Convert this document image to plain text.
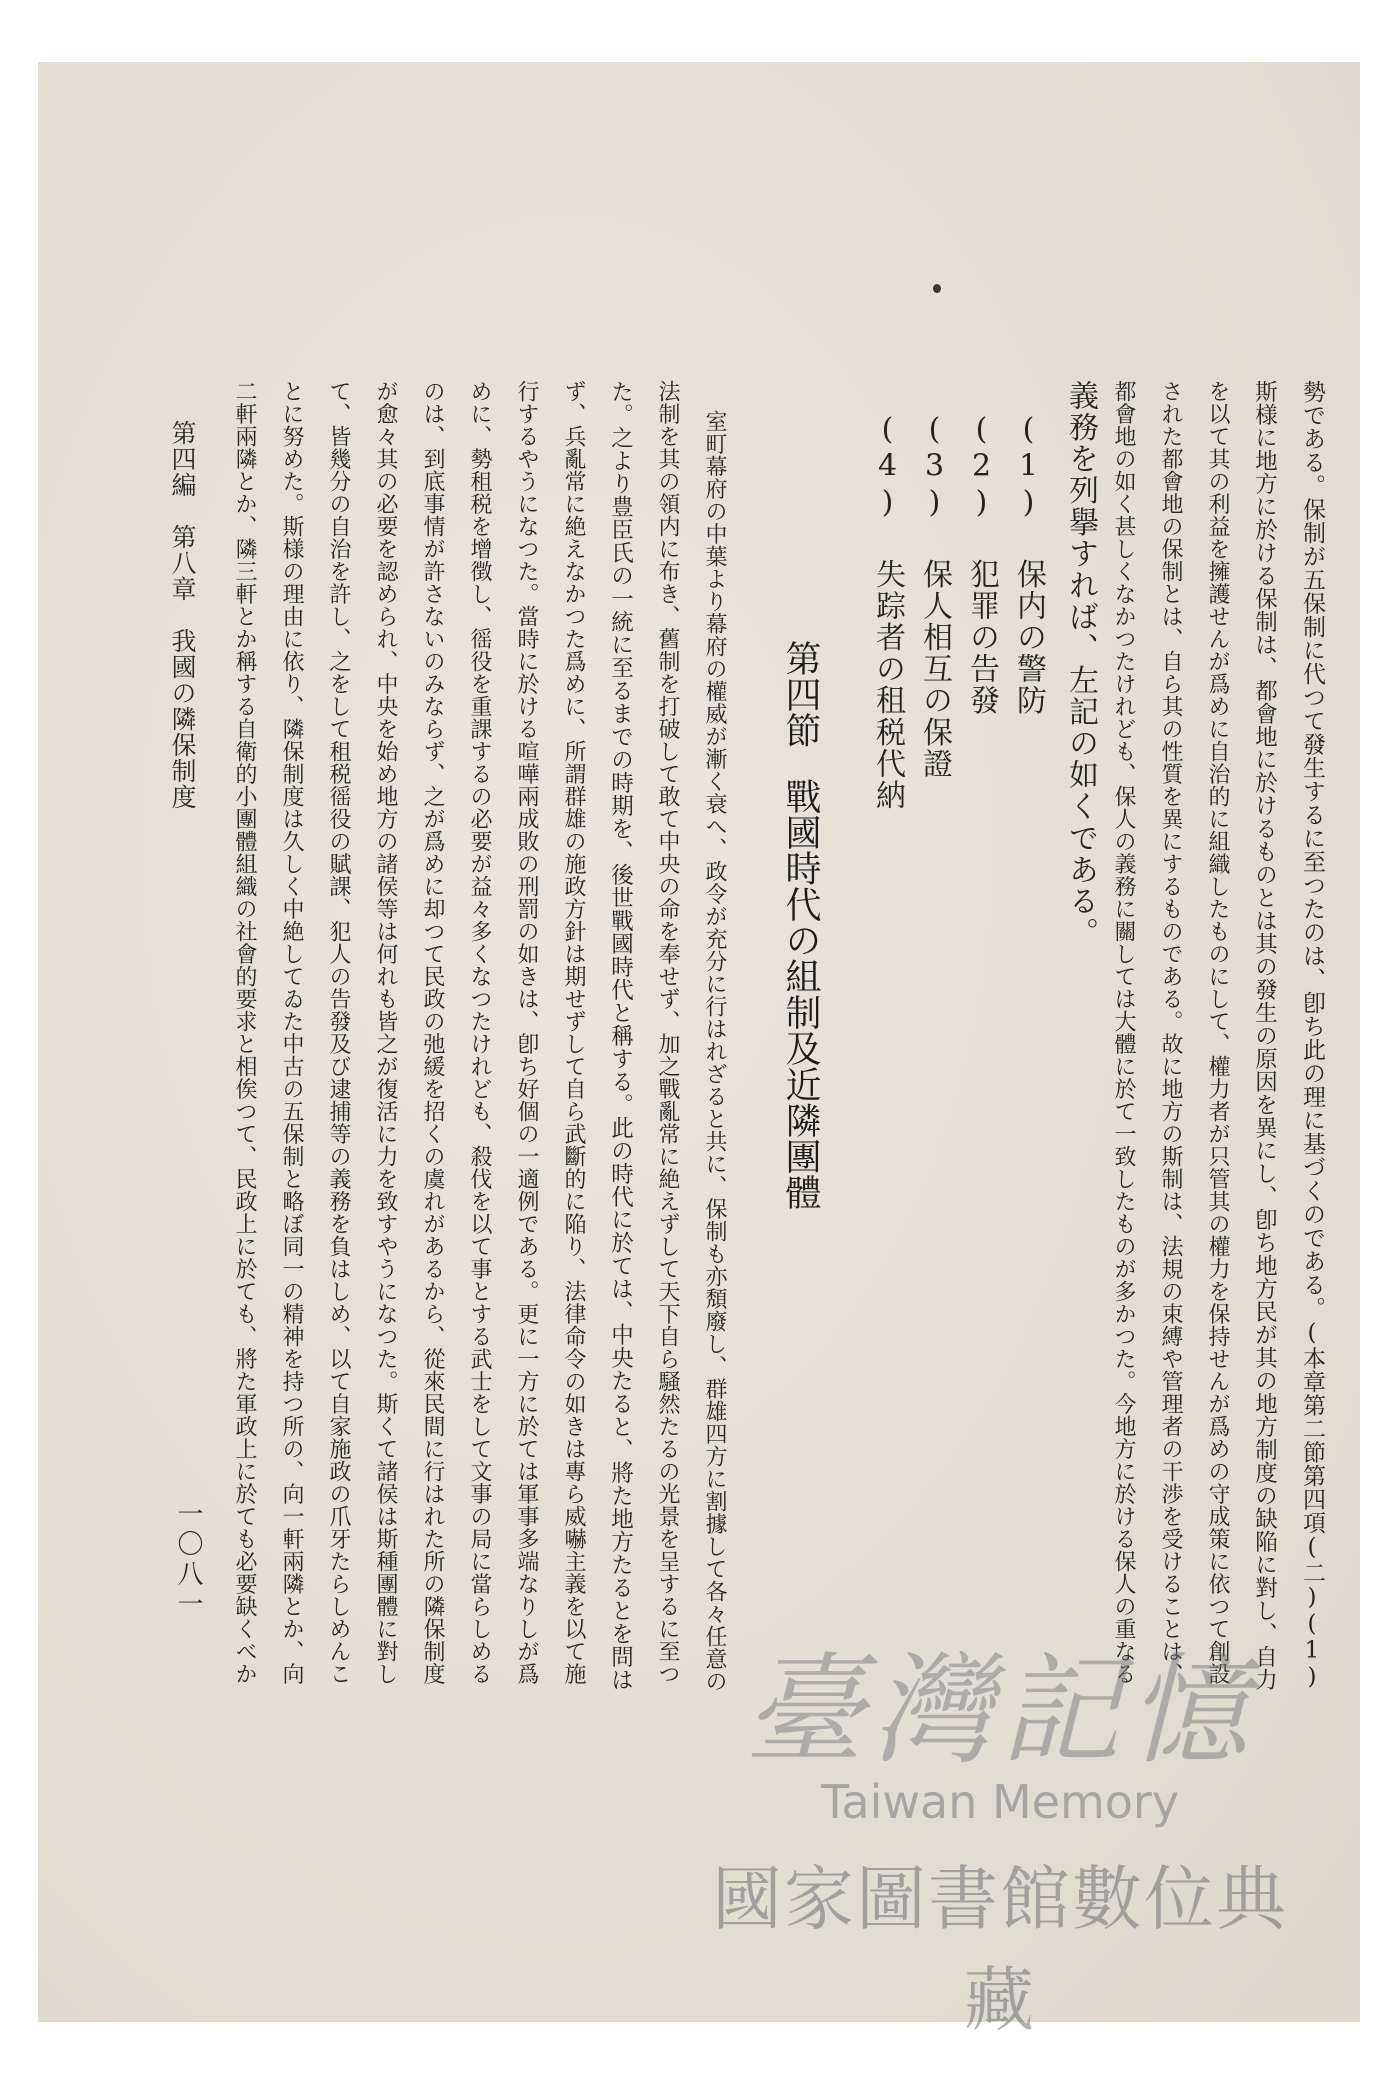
勢である。保制が五保制に代つて發生するに至つたのは、卽ち此の理に基づくのである。(本章第二節第四項(二)(1)
斯様に地方に於ける保制は、都會地に於けるものとは其の發生の原因を異にし、卽ち地方民が其の地方制度の缺陥に對し、自力
を以て其の利益を擁護せんが爲めに自治的に組織したものにして、權力者が只管其の權力を保持せんが爲めの守成策に依つて創設
された都會地の保制とは、自ら其の性質を異にするものである。故に地方の斯制は、法規の束縛や管理者の干渉を受けることは、
都會地の如く甚しくなかつたけれども、保人の義務に關しては大體に於て一致したものが多かつた。今地方に於ける保人の重なる
義務を列擧すれば、左記の如くである。
(1) 保内の警防
(2) 犯罪の告發
(3) 保人相互の保證
(4) 失踪者の租税代納
第四節戰國時代の組制及近隣團體
室町幕府の中葉より幕府の權威が漸く衰へ、政令が充分に行はれざると共に、保制も亦頽廢し、群雄四方に割據して各々任意の
法制を其の領内に布き、舊制を打破して敢て中央の命を奉せず、加之戰亂常に絶えずして天下自ら騒然たるの光景を呈するに至つ
た。之より豊臣氏の一統に至るまでの時期を、後世戰國時代と稱する。此の時代に於ては、中央たると、將た地方たるとを問は
ず、兵亂常に絶えなかつた爲めに、所謂群雄の施政方針は期せずして自ら武斷的に陥り、法律命令の如きは專ら威嚇主義を以て施
行するやうになつた。當時に於ける喧嘩兩成敗の刑罰の如きは、卽ち好個の一適例である。更に一方に於ては軍事多端なりしが爲
めに、勢租税を增徴し、徭役を重課するの必要が益々多くなつたけれども、殺伐を以て事とする武士をして文事の局に當らしめる
のは、到底事情が許さないのみならず、之が爲めに却つて民政の弛緩を招くの虞れがあるから、從來民間に行はれた所の隣保制度
が愈々其の必要を認められ、中央を始め地方の諸侯等は何れも皆之が復活に力を致すやうになつた。斯くて諸侯は斯種團體に對し
て、皆幾分の自治を許し、之をして租税徭役の賦課、犯人の告發及び逮捕等の義務を負はしめ、以て自家施政の爪牙たらしめんこ
とに努めた。斯様の理由に依り、隣保制度は久しく中絶してゐた中古の五保制と略ぼ同一の精神を持つ所の、向一軒兩隣とか、向
二軒兩隣とか、隣三軒とか稱する自衛的小團體組織の社會的要求と相俟つて、民政上に於ても、將た軍政上に於ても必要缺くべか
第四編　第八章　我國の隣保制度
一〇八一
臺灣記憶
Taiwan Memory
國家圖書館數位典藏
